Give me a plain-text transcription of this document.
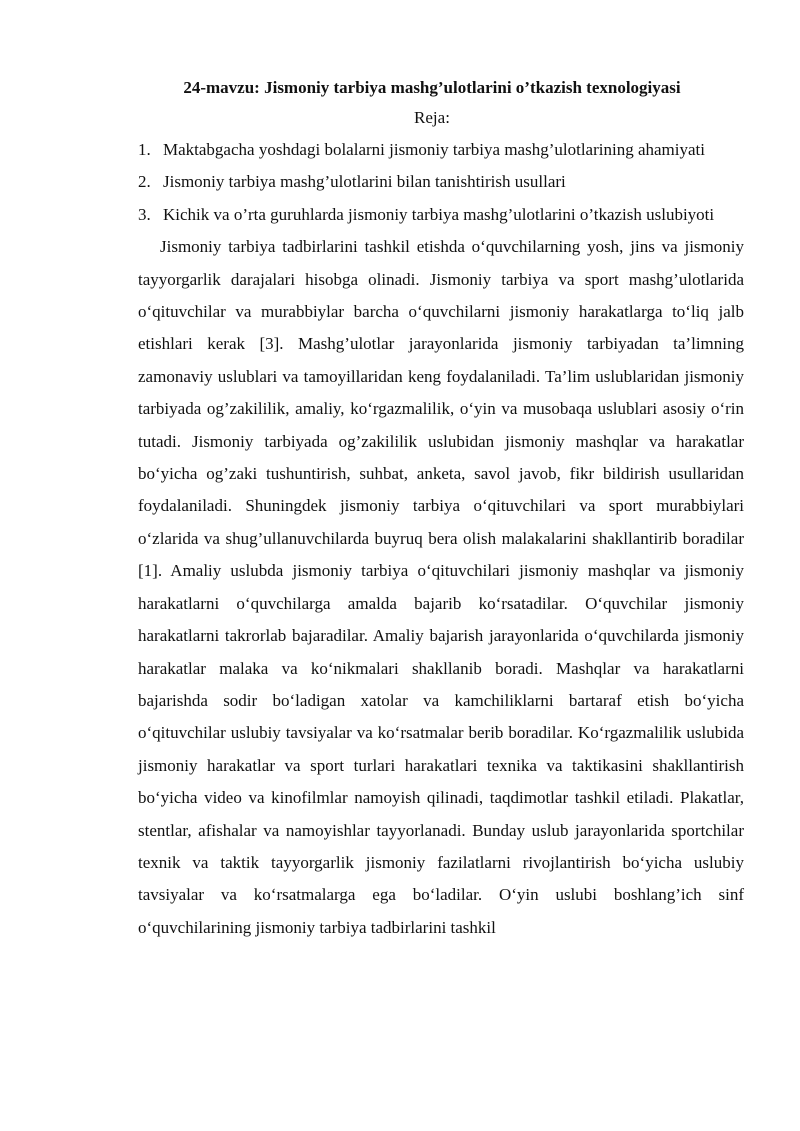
24-mavzu: Jismoniy tarbiya mashg’ulotlarini o’tkazish texnologiyasi

Reja:

1. Maktabgacha yoshdagi bolalarni jismoniy tarbiya mashg’ulotlarining ahamiyati
2. Jismoniy tarbiya mashg’ulotlarini bilan tanishtirish usullari
3. Kichik va o’rta guruhlarda jismoniy tarbiya mashg’ulotlarini o’tkazish uslubiyoti

Jismoniy tarbiya tadbirlarini tashkil etishda o‘quvchilarning yosh, jins va jismoniy tayyorgarlik darajalari hisobga olinadi. Jismoniy tarbiya va sport mashg’ulotlarida o‘qituvchilar va murabbiylar barcha o‘quvchilarni jismoniy harakatlarga to‘liq jalb etishlari kerak [3]. Mashg’ulotlar jarayonlarida jismoniy tarbiyadan ta’limning zamonaviy uslublari va tamoyillaridan keng foydalaniladi. Ta’lim uslublaridan jismoniy tarbiyada og’zakililik, amaliy, ko‘rgazmalilik, o‘yin va musobaqa uslublari asosiy o‘rin tutadi. Jismoniy tarbiyada og’zakililik uslubidan jismoniy mashqlar va harakatlar bo‘yicha og’zaki tushuntirish, suhbat, anketa, savol javob, fikr bildirish usullaridan foydalaniladi. Shuningdek jismoniy tarbiya o‘qituvchilari va sport murabbiylari o‘zlarida va shug’ullanuvchilarda buyruq bera olish malakalarini shakllantirib boradilar [1]. Amaliy uslubda jismoniy tarbiya o‘qituvchilari jismoniy mashqlar va jismoniy harakatlarni o‘quvchilarga amalda bajarib ko‘rsatadilar. O‘quvchilar jismoniy harakatlarni takrorlab bajaradilar. Amaliy bajarish jarayonlarida o‘quvchilarda jismoniy harakatlar malaka va ko‘nikmalari shakllanib boradi. Mashqlar va harakatlarni bajarishda sodir bo‘ladigan xatolar va kamchiliklarni bartaraf etish bo‘yicha o‘qituvchilar uslubiy tavsiyalar va ko‘rsatmalar berib boradilar. Ko‘rgazmalilik uslubida jismoniy harakatlar va sport turlari harakatlari texnika va taktikasini shakllantirish bo‘yicha video va kinofilmlar namoyish qilinadi, taqdimotlar tashkil etiladi. Plakatlar, stentlar, afishalar va namoyishlar tayyorlanadi. Bunday uslub jarayonlarida sportchilar texnik va taktik tayyorgarlik jismoniy fazilatlarni rivojlantirish bo‘yicha uslubiy tavsiyalar va ko‘rsatmalarga ega bo‘ladilar. O‘yin uslubi boshlang’ich sinf o‘quvchilarining jismoniy tarbiya tadbirlarini tashkil
